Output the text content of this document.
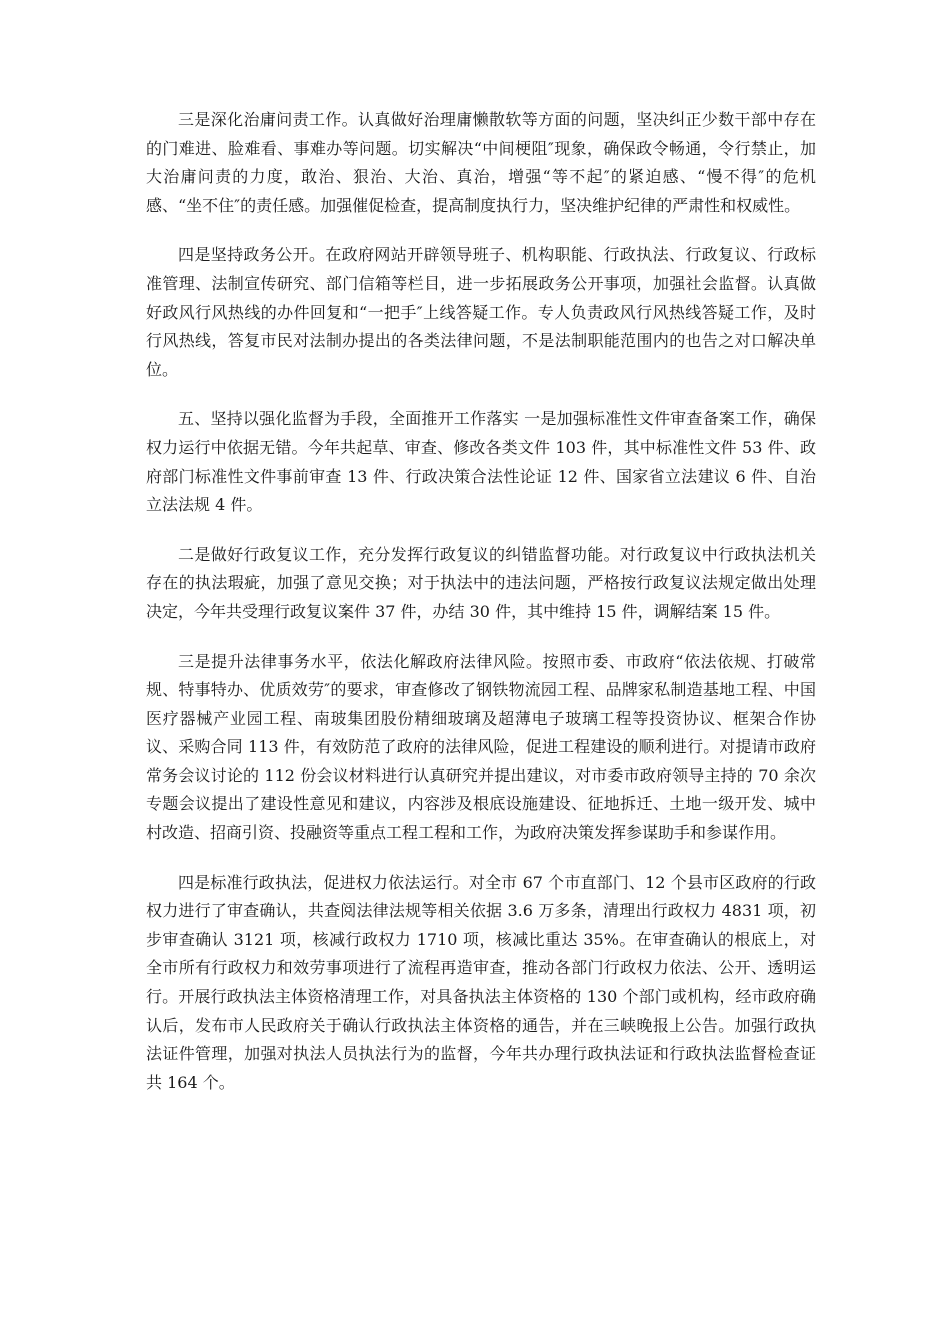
三是深化治庸问责工作。认真做好治理庸懒散软等方面的问题，坚决纠正少数干部中存在的门难进、脸难看、事难办等问题。切实解决“中间梗阻″现象，确保政令畅通，令行禁止，加大治庸问责的力度，敢治、狠治、大治、真治，增强“等不起″的紧迫感、“慢不得″的危机感、“坐不住″的责任感。加强催促检查，提高制度执行力，坚决维护纪律的严肃性和权威性。

四是坚持政务公开。在政府网站开辟领导班子、机构职能、行政执法、行政复议、行政标准管理、法制宣传研究、部门信箱等栏目，进一步拓展政务公开事项，加强社会监督。认真做好政风行风热线的办件回复和“一把手″上线答疑工作。专人负责政风行风热线答疑工作，及时行风热线，答复市民对法制办提出的各类法律问题，不是法制职能范围内的也告之对口解决单位。

五、坚持以强化监督为手段，全面推开工作落实 一是加强标准性文件审查备案工作，确保权力运行中依据无错。今年共起草、审查、修改各类文件 103 件，其中标准性文件 53 件、政府部门标准性文件事前审查 13 件、行政决策合法性论证 12 件、国家省立法建议 6 件、自治立法法规 4 件。

二是做好行政复议工作，充分发挥行政复议的纠错监督功能。对行政复议中行政执法机关存在的执法瑕疵，加强了意见交换；对于执法中的违法问题，严格按行政复议法规定做出处理决定，今年共受理行政复议案件 37 件，办结 30 件，其中维持 15 件，调解结案 15 件。

三是提升法律事务水平，依法化解政府法律风险。按照市委、市政府“依法依规、打破常规、特事特办、优质效劳″的要求，审查修改了钢铁物流园工程、品牌家私制造基地工程、中国医疗器械产业园工程、南玻集团股份精细玻璃及超薄电子玻璃工程等投资协议、框架合作协议、采购合同 113 件，有效防范了政府的法律风险，促进工程建设的顺利进行。对提请市政府常务会议讨论的 112 份会议材料进行认真研究并提出建议，对市委市政府领导主持的 70 余次专题会议提出了建设性意见和建议，内容涉及根底设施建设、征地拆迁、土地一级开发、城中村改造、招商引资、投融资等重点工程工程和工作，为政府决策发挥参谋助手和参谋作用。

四是标准行政执法，促进权力依法运行。对全市 67 个市直部门、12 个县市区政府的行政权力进行了审查确认，共查阅法律法规等相关依据 3.6 万多条，清理出行政权力 4831 项，初步审查确认 3121 项，核减行政权力 1710 项，核减比重达 35%。在审查确认的根底上，对全市所有行政权力和效劳事项进行了流程再造审查，推动各部门行政权力依法、公开、透明运行。开展行政执法主体资格清理工作，对具备执法主体资格的 130 个部门或机构，经市政府确认后，发布市人民政府关于确认行政执法主体资格的通告，并在三峡晚报上公告。加强行政执法证件管理，加强对执法人员执法行为的监督，今年共办理行政执法证和行政执法监督检查证共 164 个。
